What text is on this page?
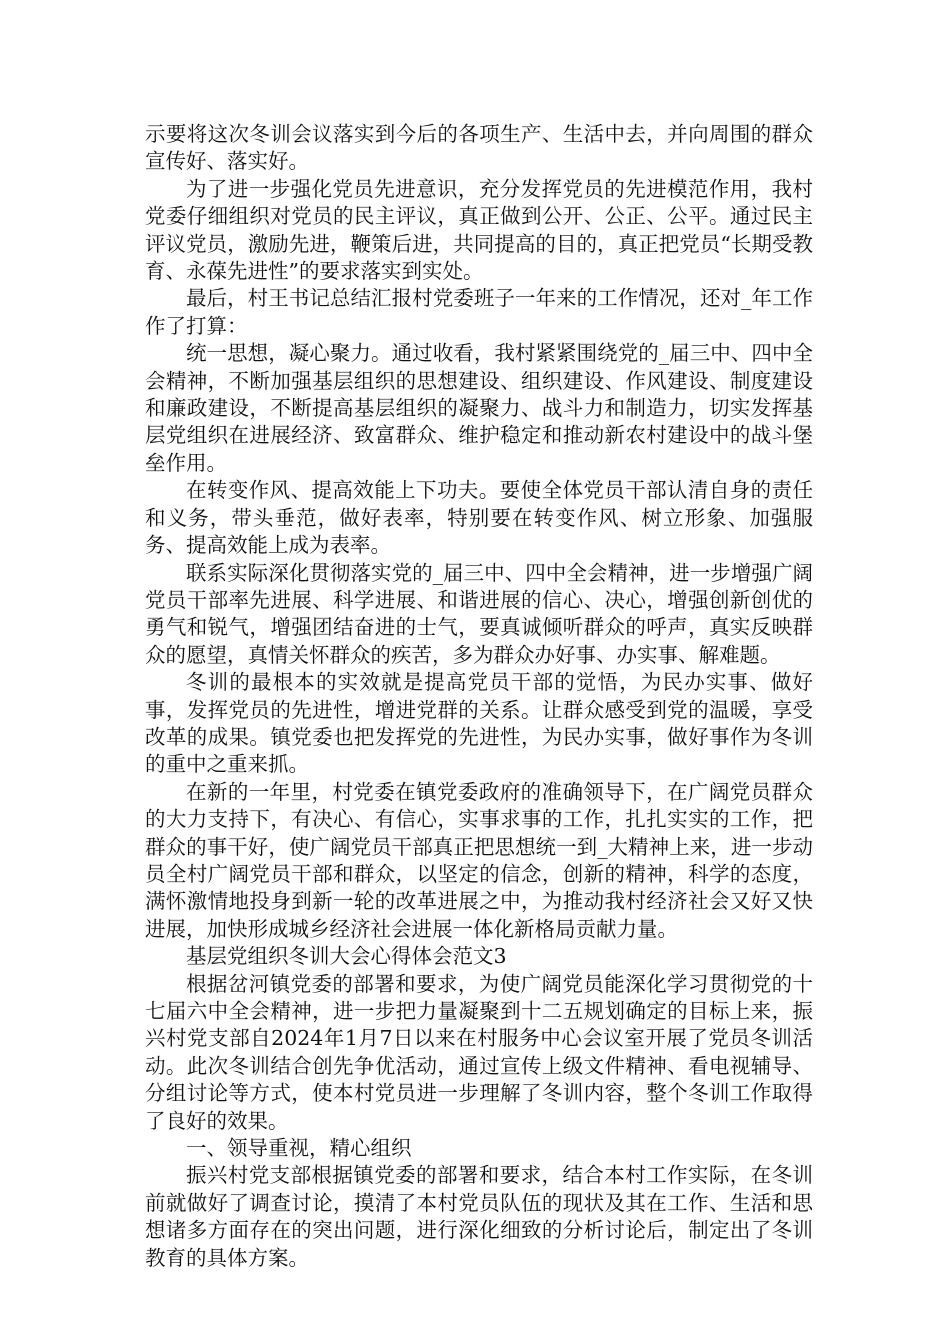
示要将这次冬训会议落实到今后的各项生产、生活中去，并向周围的群众宣传好、落实好。

为了进一步强化党员先进意识，充分发挥党员的先进模范作用，我村党委仔细组织对党员的民主评议，真正做到公开、公正、公平。通过民主评议党员，激励先进，鞭策后进，共同提高的目的，真正把党员“长期受教育、永葆先进性”的要求落实到实处。

最后，村王书记总结汇报村党委班子一年来的工作情况，还对_年工作作了打算：

统一思想，凝心聚力。通过收看，我村紧紧围绕党的_届三中、四中全会精神，不断加强基层组织的思想建设、组织建设、作风建设、制度建设和廉政建设，不断提高基层组织的凝聚力、战斗力和制造力，切实发挥基层党组织在进展经济、致富群众、维护稳定和推动新农村建设中的战斗堡垒作用。

在转变作风、提高效能上下功夫。要使全体党员干部认清自身的责任和义务，带头垂范，做好表率，特别要在转变作风、树立形象、加强服务、提高效能上成为表率。

联系实际深化贯彻落实党的_届三中、四中全会精神，进一步增强广阔党员干部率先进展、科学进展、和谐进展的信心、决心，增强创新创优的勇气和锐气，增强团结奋进的士气，要真诚倾听群众的呼声，真实反映群众的愿望，真情关怀群众的疾苦，多为群众办好事、办实事、解难题。

冬训的最根本的实效就是提高党员干部的觉悟，为民办实事、做好事，发挥党员的先进性，增进党群的关系。让群众感受到党的温暖，享受改革的成果。镇党委也把发挥党的先进性，为民办实事，做好事作为冬训的重中之重来抓。

在新的一年里，村党委在镇党委政府的准确领导下，在广阔党员群众的大力支持下，有决心、有信心，实事求事的工作，扎扎实实的工作，把群众的事干好，使广阔党员干部真正把思想统一到_大精神上来，进一步动员全村广阔党员干部和群众，以坚定的信念，创新的精神，科学的态度，满怀激情地投身到新一轮的改革进展之中，为推动我村经济社会又好又快进展，加快形成城乡经济社会进展一体化新格局贡献力量。

基层党组织冬训大会心得体会范文3

根据岔河镇党委的部署和要求，为使广阔党员能深化学习贯彻党的十七届六中全会精神，进一步把力量凝聚到十二五规划确定的目标上来，振兴村党支部自2024年1月7日以来在村服务中心会议室开展了党员冬训活动。此次冬训结合创先争优活动，通过宣传上级文件精神、看电视辅导、分组讨论等方式，使本村党员进一步理解了冬训内容，整个冬训工作取得了良好的效果。

一、领导重视，精心组织

振兴村党支部根据镇党委的部署和要求，结合本村工作实际，在冬训前就做好了调查讨论，摸清了本村党员队伍的现状及其在工作、生活和思想诸多方面存在的突出问题，进行深化细致的分析讨论后，制定出了冬训教育的具体方案。
